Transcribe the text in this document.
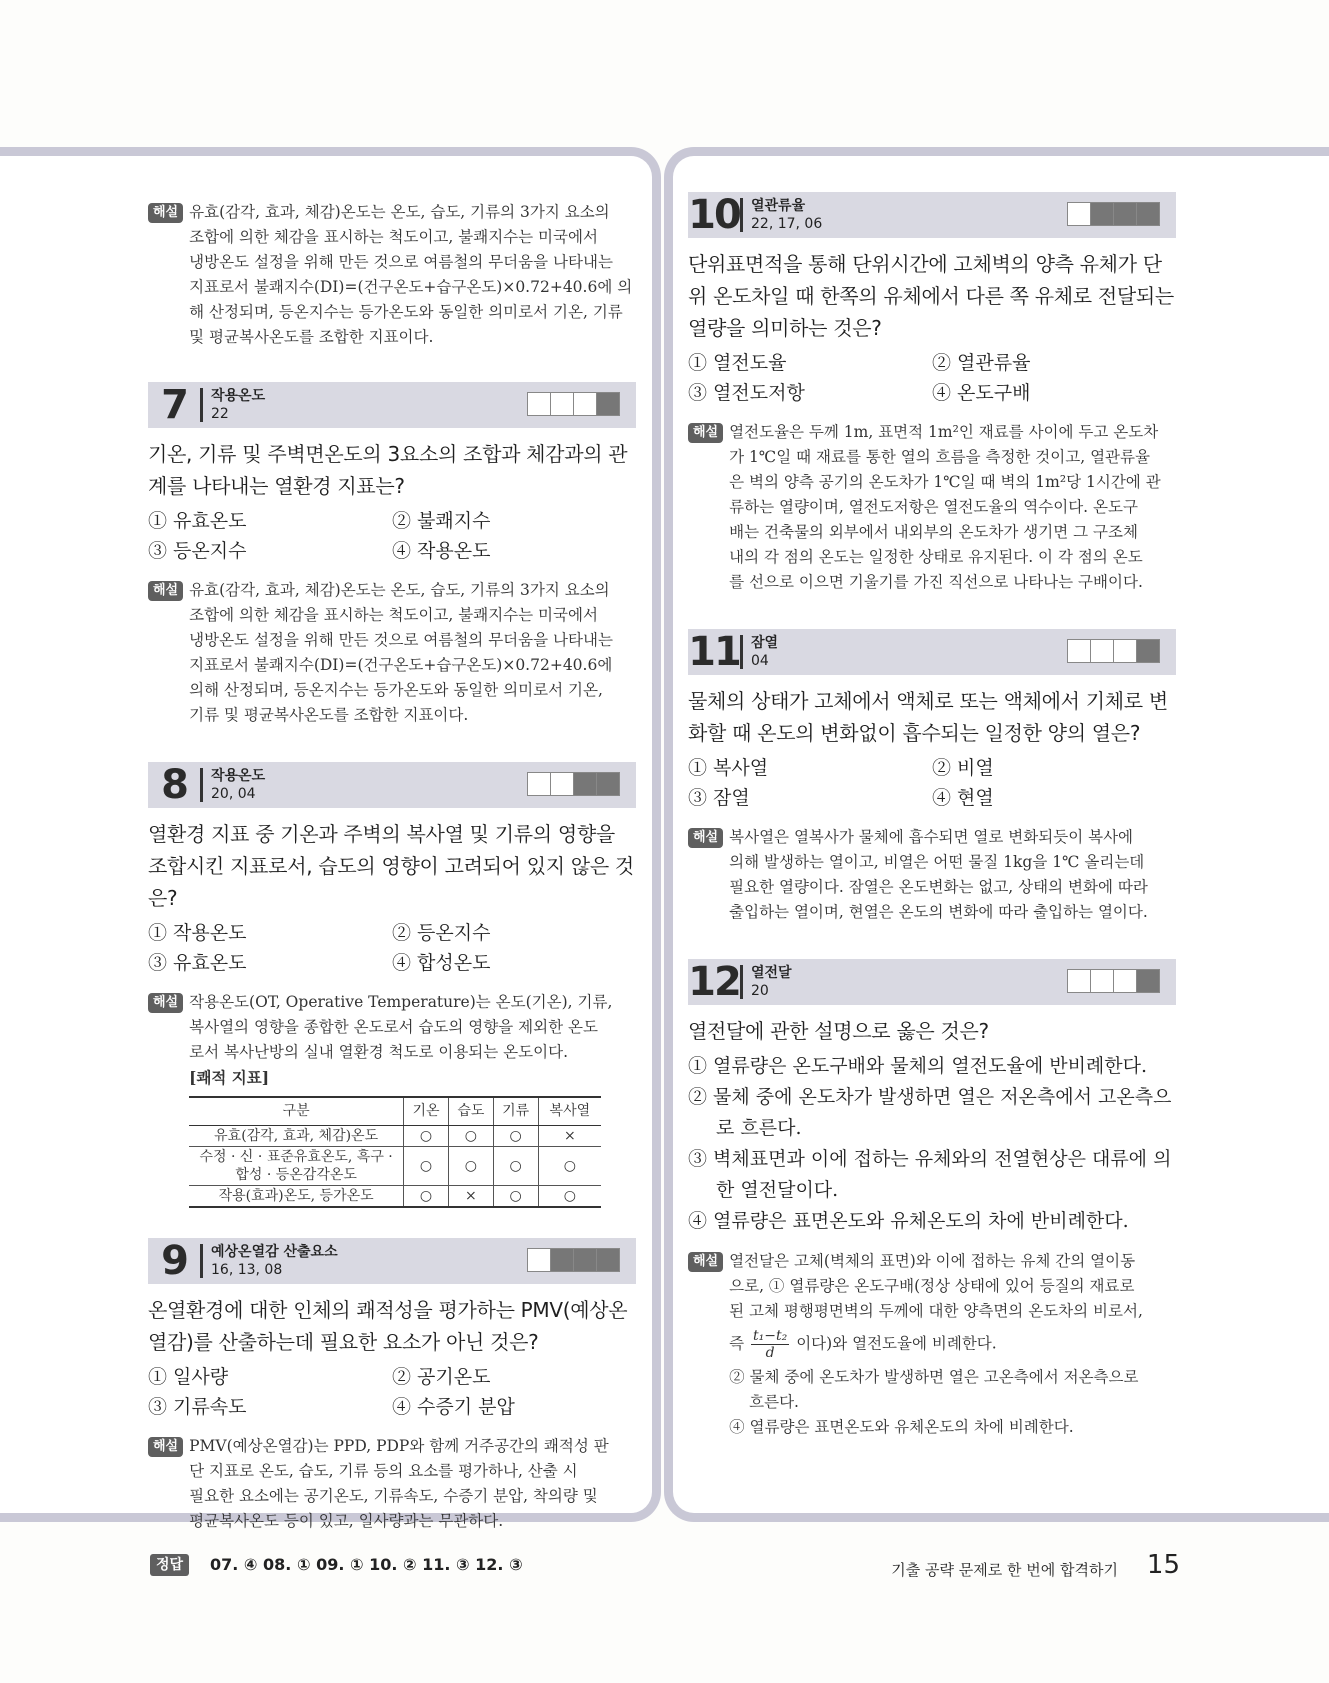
해설 유효(감각, 효과, 체감)온도는 온도, 습도, 기류의 3가지 요소의

조합에 의한 체감을 표시하는 척도이고, 불쾌지수는 미국에서

냉방온도 설정을 위해 만든 것으로 여름철의 무더움을 나타내는

지표로서 불쾌지수(DI)=(건구온도+습구온도)×0.72+40.6에 의

해 산정되며, 등온지수는 등가온도와 동일한 의미로서 기온, 기류

및 평균복사온도를 조합한 지표이다.

7	작용온도
22

기온, 기류 및 주벽면온도의 3요소의 조합과 체감과의 관계를 나타내는 열환경 지표는?

① 유효온도	② 불쾌지수
③ 등온지수	④ 작용온도
해설 유효(감각, 효과, 체감)온도는 온도, 습도, 기류의 3가지 요소의

조합에 의한 체감을 표시하는 척도이고, 불쾌지수는 미국에서

냉방온도 설정을 위해 만든 것으로 여름철의 무더움을 나타내는

지표로서 불쾌지수(DI)=(건구온도+습구온도)×0.72+40.6에

의해 산정되며, 등온지수는 등가온도와 동일한 의미로서 기온,

기류 및 평균복사온도를 조합한 지표이다.

8	작용온도
20, 04

열환경 지표 중 기온과 주벽의 복사열 및 기류의 영향을 조합시킨 지표로서, 습도의 영향이 고려되어 있지 않은 것은?

① 작용온도	② 등온지수
③ 유효온도	④ 합성온도
해설 작용온도(OT, Operative Temperature)는 온도(기온), 기류,

복사열의 영향을 종합한 온도로서 습도의 영향을 제외한 온도

로서 복사난방의 실내 열환경 척도로 이용되는 온도이다.

[쾌적 지표]

구분	기온	습도	기류	복사열
유효(감각, 효과, 체감)온도	○	○	○	×
수정 · 신 · 표준유효온도, 흑구 · 합성 · 등온감각온도	○	○	○	○
작용(효과)온도, 등가온도	○	×	○	○
9	예상온열감 산출요소
16, 13, 08

온열환경에 대한 인체의 쾌적성을 평가하는 PMV(예상온열감)를 산출하는데 필요한 요소가 아닌 것은?

① 일사량	② 공기온도
③ 기류속도	④ 수증기 분압
해설 PMV(예상온열감)는 PPD, PDP와 함께 거주공간의 쾌적성 판

단 지표로 온도, 습도, 기류 등의 요소를 평가하나, 산출 시

필요한 요소에는 공기온도, 기류속도, 수증기 분압, 착의량 및

평균복사온도 등이 있고, 일사량과는 무관하다.

10 열관류율
22, 17, 06

단위표면적을 통해 단위시간에 고체벽의 양측 유체가 단위 온도차일 때 한쪽의 유체에서 다른 쪽 유체로 전달되는 열량을 의미하는 것은?

① 열전도율	② 열관류율
③ 열전도저항	④ 온도구배
해설 열전도율은 두께 1m, 표면적 1m²인 재료를 사이에 두고 온도차

가 1℃일 때 재료를 통한 열의 흐름을 측정한 것이고, 열관류율

은 벽의 양측 공기의 온도차가 1℃일 때 벽의 1m²당 1시간에 관

류하는 열량이며, 열전도저항은 열전도율의 역수이다. 온도구

배는 건축물의 외부에서 내외부의 온도차가 생기면 그 구조체

내의 각 점의 온도는 일정한 상태로 유지된다. 이 각 점의 온도

를 선으로 이으면 기울기를 가진 직선으로 나타나는 구배이다.

11 잠열
04

물체의 상태가 고체에서 액체로 또는 액체에서 기체로 변화할 때 온도의 변화없이 흡수되는 일정한 양의 열은?

① 복사열	② 비열
③ 잠열	④ 현열
해설 복사열은 열복사가 물체에 흡수되면 열로 변화되듯이 복사에

의해 발생하는 열이고, 비열은 어떤 물질 1kg을 1℃ 올리는데

필요한 열량이다. 잠열은 온도변화는 없고, 상태의 변화에 따라

출입하는 열이며, 현열은 온도의 변화에 따라 출입하는 열이다.

12 열전달
20

열전달에 관한 설명으로 옳은 것은?

① 열류량은 온도구배와 물체의 열전도율에 반비례한다.
② 물체 중에 온도차가 발생하면 열은 저온측에서 고온측으로 흐른다.
③ 벽체표면과 이에 접하는 유체와의 전열현상은 대류에 의한 열전달이다.
④ 열류량은 표면온도와 유체온도의 차에 반비례한다.
해설 열전달은 고체(벽체의 표면)와 이에 접하는 유체 간의 열이동

으로, ① 열류량은 온도구배(정상 상태에 있어 등질의 재료로

된 고체 평행평면벽의 두께에 대한 양측면의 온도차의 비로서,

즉 $\frac{\text{t₁−t₂}}{d}$ 이다)와 열전도율에 비례한다.

② 물체 중에 온도차가 발생하면 열은 고온측에서 저온측으로

흐른다.

④ 열류량은 표면온도와 유체온도의 차에 비례한다.

정답	07. ④ 08. ① 09. ① 10. ② 11. ③ 12. ③	기출 공략 문제로 한 번에 합격하기 15
